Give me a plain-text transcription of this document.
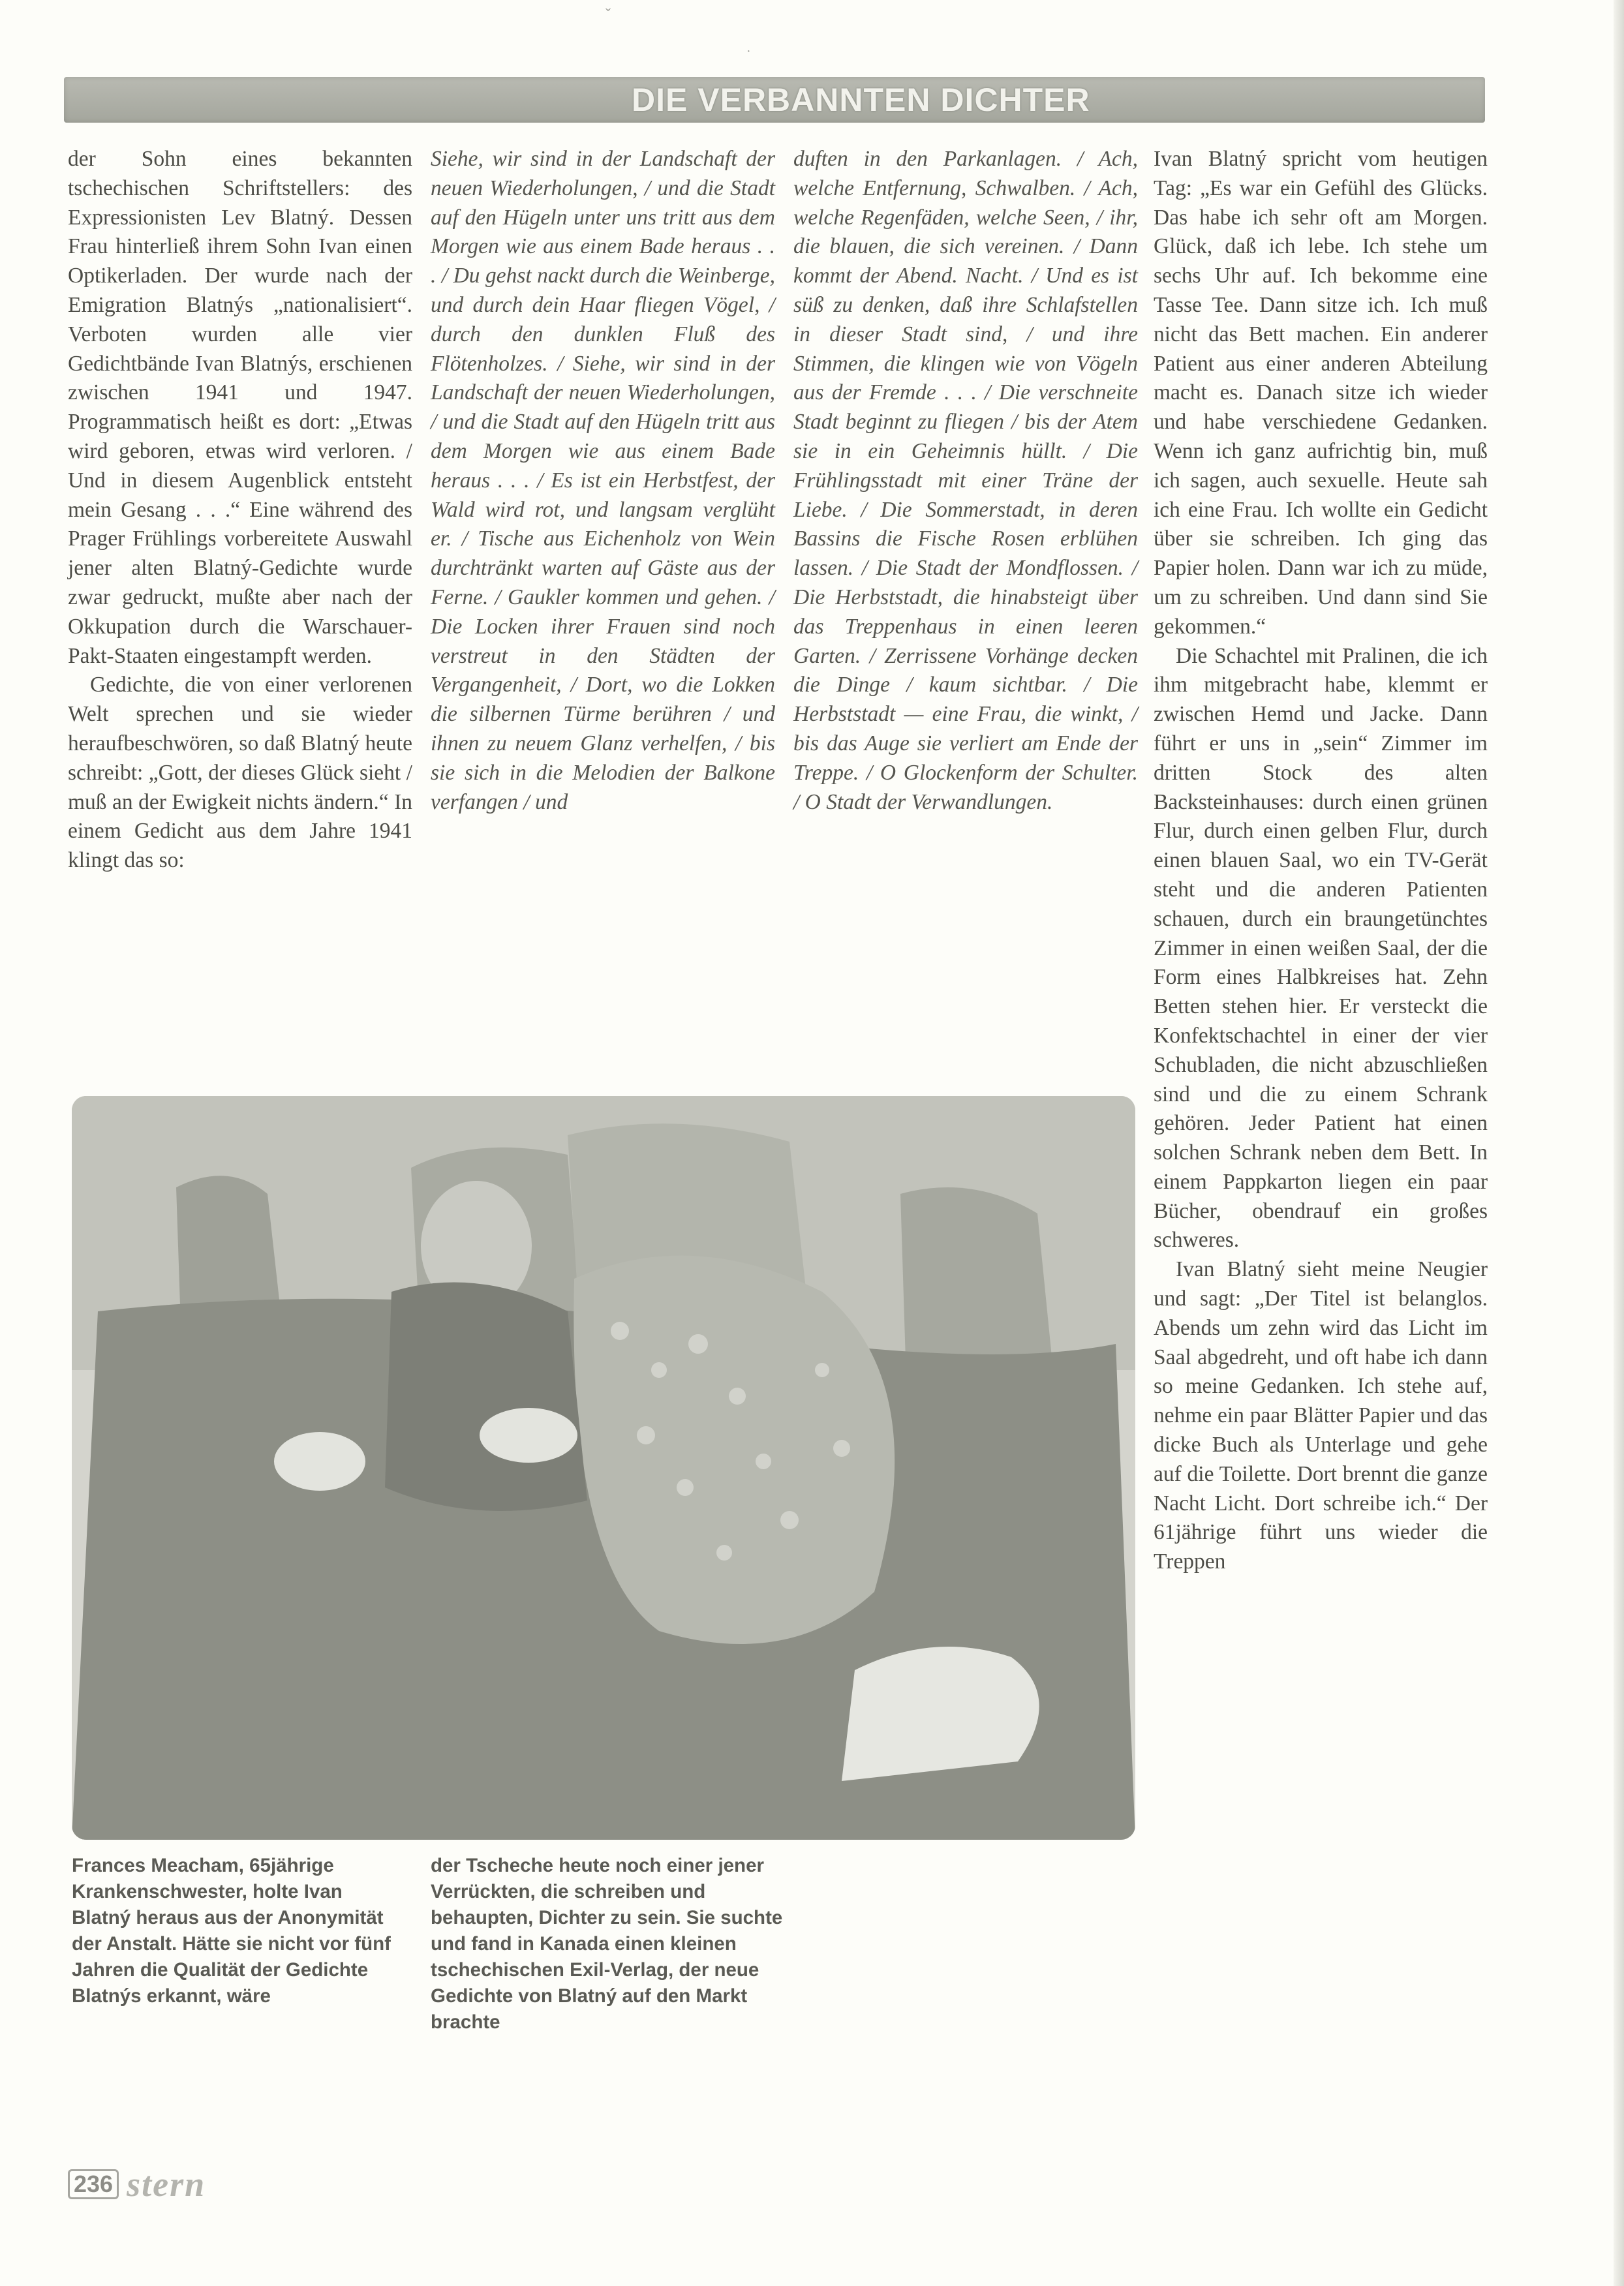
ˇ
·
DIE VERBANNTEN DICHTER

der Sohn eines bekannten tschechischen Schriftstellers: des Expressionisten Lev Blatný. Dessen Frau hinterließ ihrem Sohn Ivan einen Optikerladen. Der wurde nach der Emigration Blatnýs „nationalisiert“. Verboten wurden alle vier Gedichtbände Ivan Blatnýs, erschienen zwischen 1941 und 1947. Programmatisch heißt es dort: „Etwas wird geboren, etwas wird verloren. / Und in diesem Augenblick entsteht mein Gesang . . .“ Eine während des Prager Frühlings vorbereitete Auswahl jener alten Blatný-Gedichte wurde zwar gedruckt, mußte aber nach der Okkupation durch die Warschauer-Pakt-Staaten eingestampft werden.

Gedichte, die von einer verlorenen Welt sprechen und sie wieder heraufbeschwören, so daß Blatný heute schreibt: „Gott, der dieses Glück sieht / muß an der Ewigkeit nichts ändern.“ In einem Gedicht aus dem Jahre 1941 klingt das so:

Siehe, wir sind in der Landschaft der neuen Wiederholungen, / und die Stadt auf den Hügeln unter uns tritt aus dem Morgen wie aus einem Bade heraus . . . / Du gehst nackt durch die Weinberge, und durch dein Haar fliegen Vögel, / durch den dunklen Fluß des Flötenholzes. / Siehe, wir sind in der Landschaft der neuen Wiederholungen, / und die Stadt auf den Hügeln tritt aus dem Morgen wie aus einem Bade heraus . . . / Es ist ein Herbstfest, der Wald wird rot, und langsam verglüht er. / Tische aus Eichenholz von Wein durchtränkt warten auf Gäste aus der Ferne. / Gaukler kommen und gehen. / Die Locken ihrer Frauen sind noch verstreut in den Städten der Vergangenheit, / Dort, wo die Lokken die silbernen Türme berühren / und ihnen zu neuem Glanz verhelfen, / bis sie sich in die Melodien der Balkone verfangen / und

duften in den Parkanlagen. / Ach, welche Entfernung, Schwalben. / Ach, welche Regenfäden, welche Seen, / ihr, die blauen, die sich vereinen. / Dann kommt der Abend. Nacht. / Und es ist süß zu denken, daß ihre Schlafstellen in dieser Stadt sind, / und ihre Stimmen, die klingen wie von Vögeln aus der Fremde . . . / Die verschneite Stadt beginnt zu fliegen / bis der Atem sie in ein Geheimnis hüllt. / Die Frühlingsstadt mit einer Träne der Liebe. / Die Sommerstadt, in deren Bassins die Fische Rosen erblühen lassen. / Die Stadt der Mondflossen. / Die Herbststadt, die hinabsteigt über das Treppenhaus in einen leeren Garten. / Zerrissene Vorhänge decken die Dinge / kaum sichtbar. / Die Herbststadt — eine Frau, die winkt, / bis das Auge sie verliert am Ende der Treppe. / O Glockenform der Schulter. / O Stadt der Verwandlungen.

Ivan Blatný spricht vom heutigen Tag: „Es war ein Gefühl des Glücks. Das habe ich sehr oft am Morgen. Glück, daß ich lebe. Ich stehe um sechs Uhr auf. Ich bekomme eine Tasse Tee. Dann sitze ich. Ich muß nicht das Bett machen. Ein anderer Patient aus einer anderen Abteilung macht es. Danach sitze ich wieder und habe verschiedene Gedanken. Wenn ich ganz aufrichtig bin, muß ich sagen, auch sexuelle. Heute sah ich eine Frau. Ich wollte ein Gedicht über sie schreiben. Ich ging das Papier holen. Dann war ich zu müde, um zu schreiben. Und dann sind Sie gekommen.“

Die Schachtel mit Pralinen, die ich ihm mitgebracht habe, klemmt er zwischen Hemd und Jacke. Dann führt er uns in „sein“ Zimmer im dritten Stock des alten Backsteinhauses: durch einen grünen Flur, durch einen gelben Flur, durch einen blauen Saal, wo ein TV-Gerät steht und die anderen Patienten schauen, durch ein braungetünchtes Zimmer in einen weißen Saal, der die Form eines Halbkreises hat. Zehn Betten stehen hier. Er versteckt die Konfektschachtel in einer der vier Schubladen, die nicht abzuschließen sind und die zu einem Schrank gehören. Jeder Patient hat einen solchen Schrank neben dem Bett. In einem Pappkarton liegen ein paar Bücher, obendrauf ein großes schweres.

Ivan Blatný sieht meine Neugier und sagt: „Der Titel ist belanglos. Abends um zehn wird das Licht im Saal abgedreht, und oft habe ich dann so meine Gedanken. Ich stehe auf, nehme ein paar Blätter Papier und das dicke Buch als Unterlage und gehe auf die Toilette. Dort brennt die ganze Nacht Licht. Dort schreibe ich.“ Der 61jährige führt uns wieder die Treppen

Frances Meacham, 65jährige Krankenschwester, holte Ivan Blatný heraus aus der Anonymität der Anstalt. Hätte sie nicht vor fünf Jahren die Qualität der Gedichte Blatnýs erkannt, wäre
der Tscheche heute noch einer jener Verrückten, die schreiben und behaupten, Dichter zu sein. Sie suchte und fand in Kanada einen kleinen tschechischen Exil-Verlag, der neue Gedichte von Blatný auf den Markt brachte
236 stern
